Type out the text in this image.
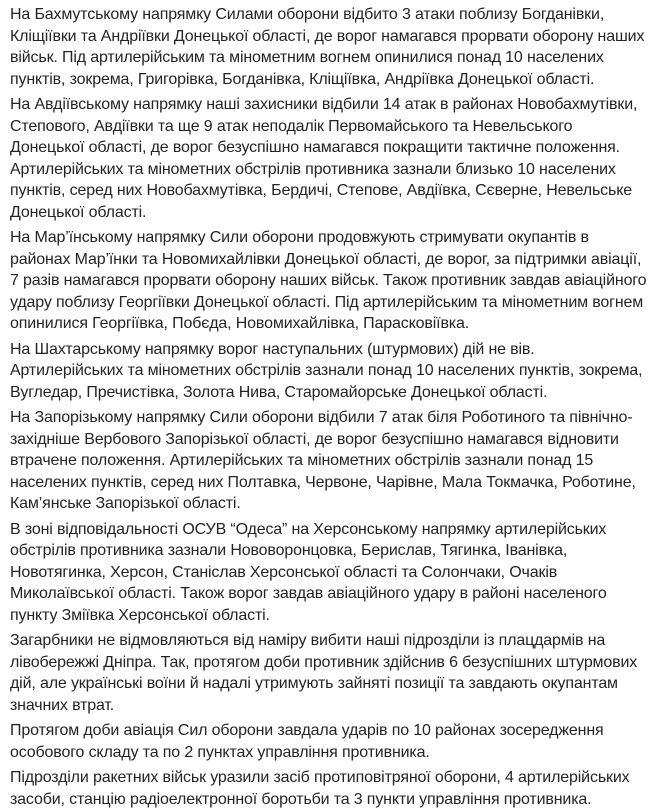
На Бахмутському напрямку Силами оборони відбито 3 атаки поблизу Богданівки, Кліщіївки та Андріївки Донецької області, де ворог намагався прорвати оборону наших військ. Під артилерійським та мінометним вогнем опинилися понад 10 населених пунктів, зокрема, Григорівка, Богданівка, Кліщіївка, Андріївка Донецької області.

На Авдіївському напрямку наші захисники відбили 14 атак в районах Новобахмутівки, Степового, Авдіївки та ще 9 атак неподалік Первомайського та Невельського Донецької області, де ворог безуспішно намагався покращити тактичне положення. Артилерійських та мінометних обстрілів противника зазнали близько 10 населених пунктів, серед них Новобахмутівка, Бердичі, Степове, Авдіївка, Сєверне, Невельське Донецької області.

На Мар’їнському напрямку Сили оборони продовжують стримувати окупантів в районах Мар’їнки та Новомихайлівки Донецької області, де ворог, за підтримки авіації, 7 разів намагався прорвати оборону наших військ. Також противник завдав авіаційного удару поблизу Георгіївки Донецької області. Під артилерійським та мінометним вогнем опинилися Георгіївка, Побєда, Новомихайлівка, Парасковіївка.

На Шахтарському напрямку ворог наступальних (штурмових) дій не вів. Артилерійських та мінометних обстрілів зазнали понад 10 населених пунктів, зокрема, Вугледар, Пречистівка, Золота Нива, Старомайорське Донецької області.

На Запорізькому напрямку Сили оборони відбили 7 атак біля Роботиного та північно-західніше Вербового Запорізької області, де ворог безуспішно намагався відновити втрачене положення. Артилерійських та мінометних обстрілів зазнали понад 15 населених пунктів, серед них Полтавка, Червоне, Чарівне, Мала Токмачка, Роботине, Кам’янське Запорізької області.

В зоні відповідальності ОСУВ “Одеса” на Херсонському напрямку артилерійських обстрілів противника зазнали Нововоронцовка, Берислав, Тягинка, Іванівка, Новотягинка, Херсон, Станіслав Херсонської області та Солончаки, Очаків Миколаївської області. Також ворог завдав авіаційного удару в районі населеного пункту Зміївка Херсонської області.

Загарбники не відмовляються від наміру вибити наші підрозділи із плацдармів на лівобережжі Дніпра. Так, протягом доби противник здійснив 6 безуспішних штурмових дій, але українські воїни й надалі утримують зайняті позиції та завдають окупантам значних втрат.

Протягом доби авіація Сил оборони завдала ударів по 10 районах зосередження особового складу та по 2 пунктах управління противника.

Підрозділи ракетних військ уразили засіб протиповітряної оборони, 4 артилерійських засоби, станцію радіоелектронної боротьби та 3 пункти управління противника.
